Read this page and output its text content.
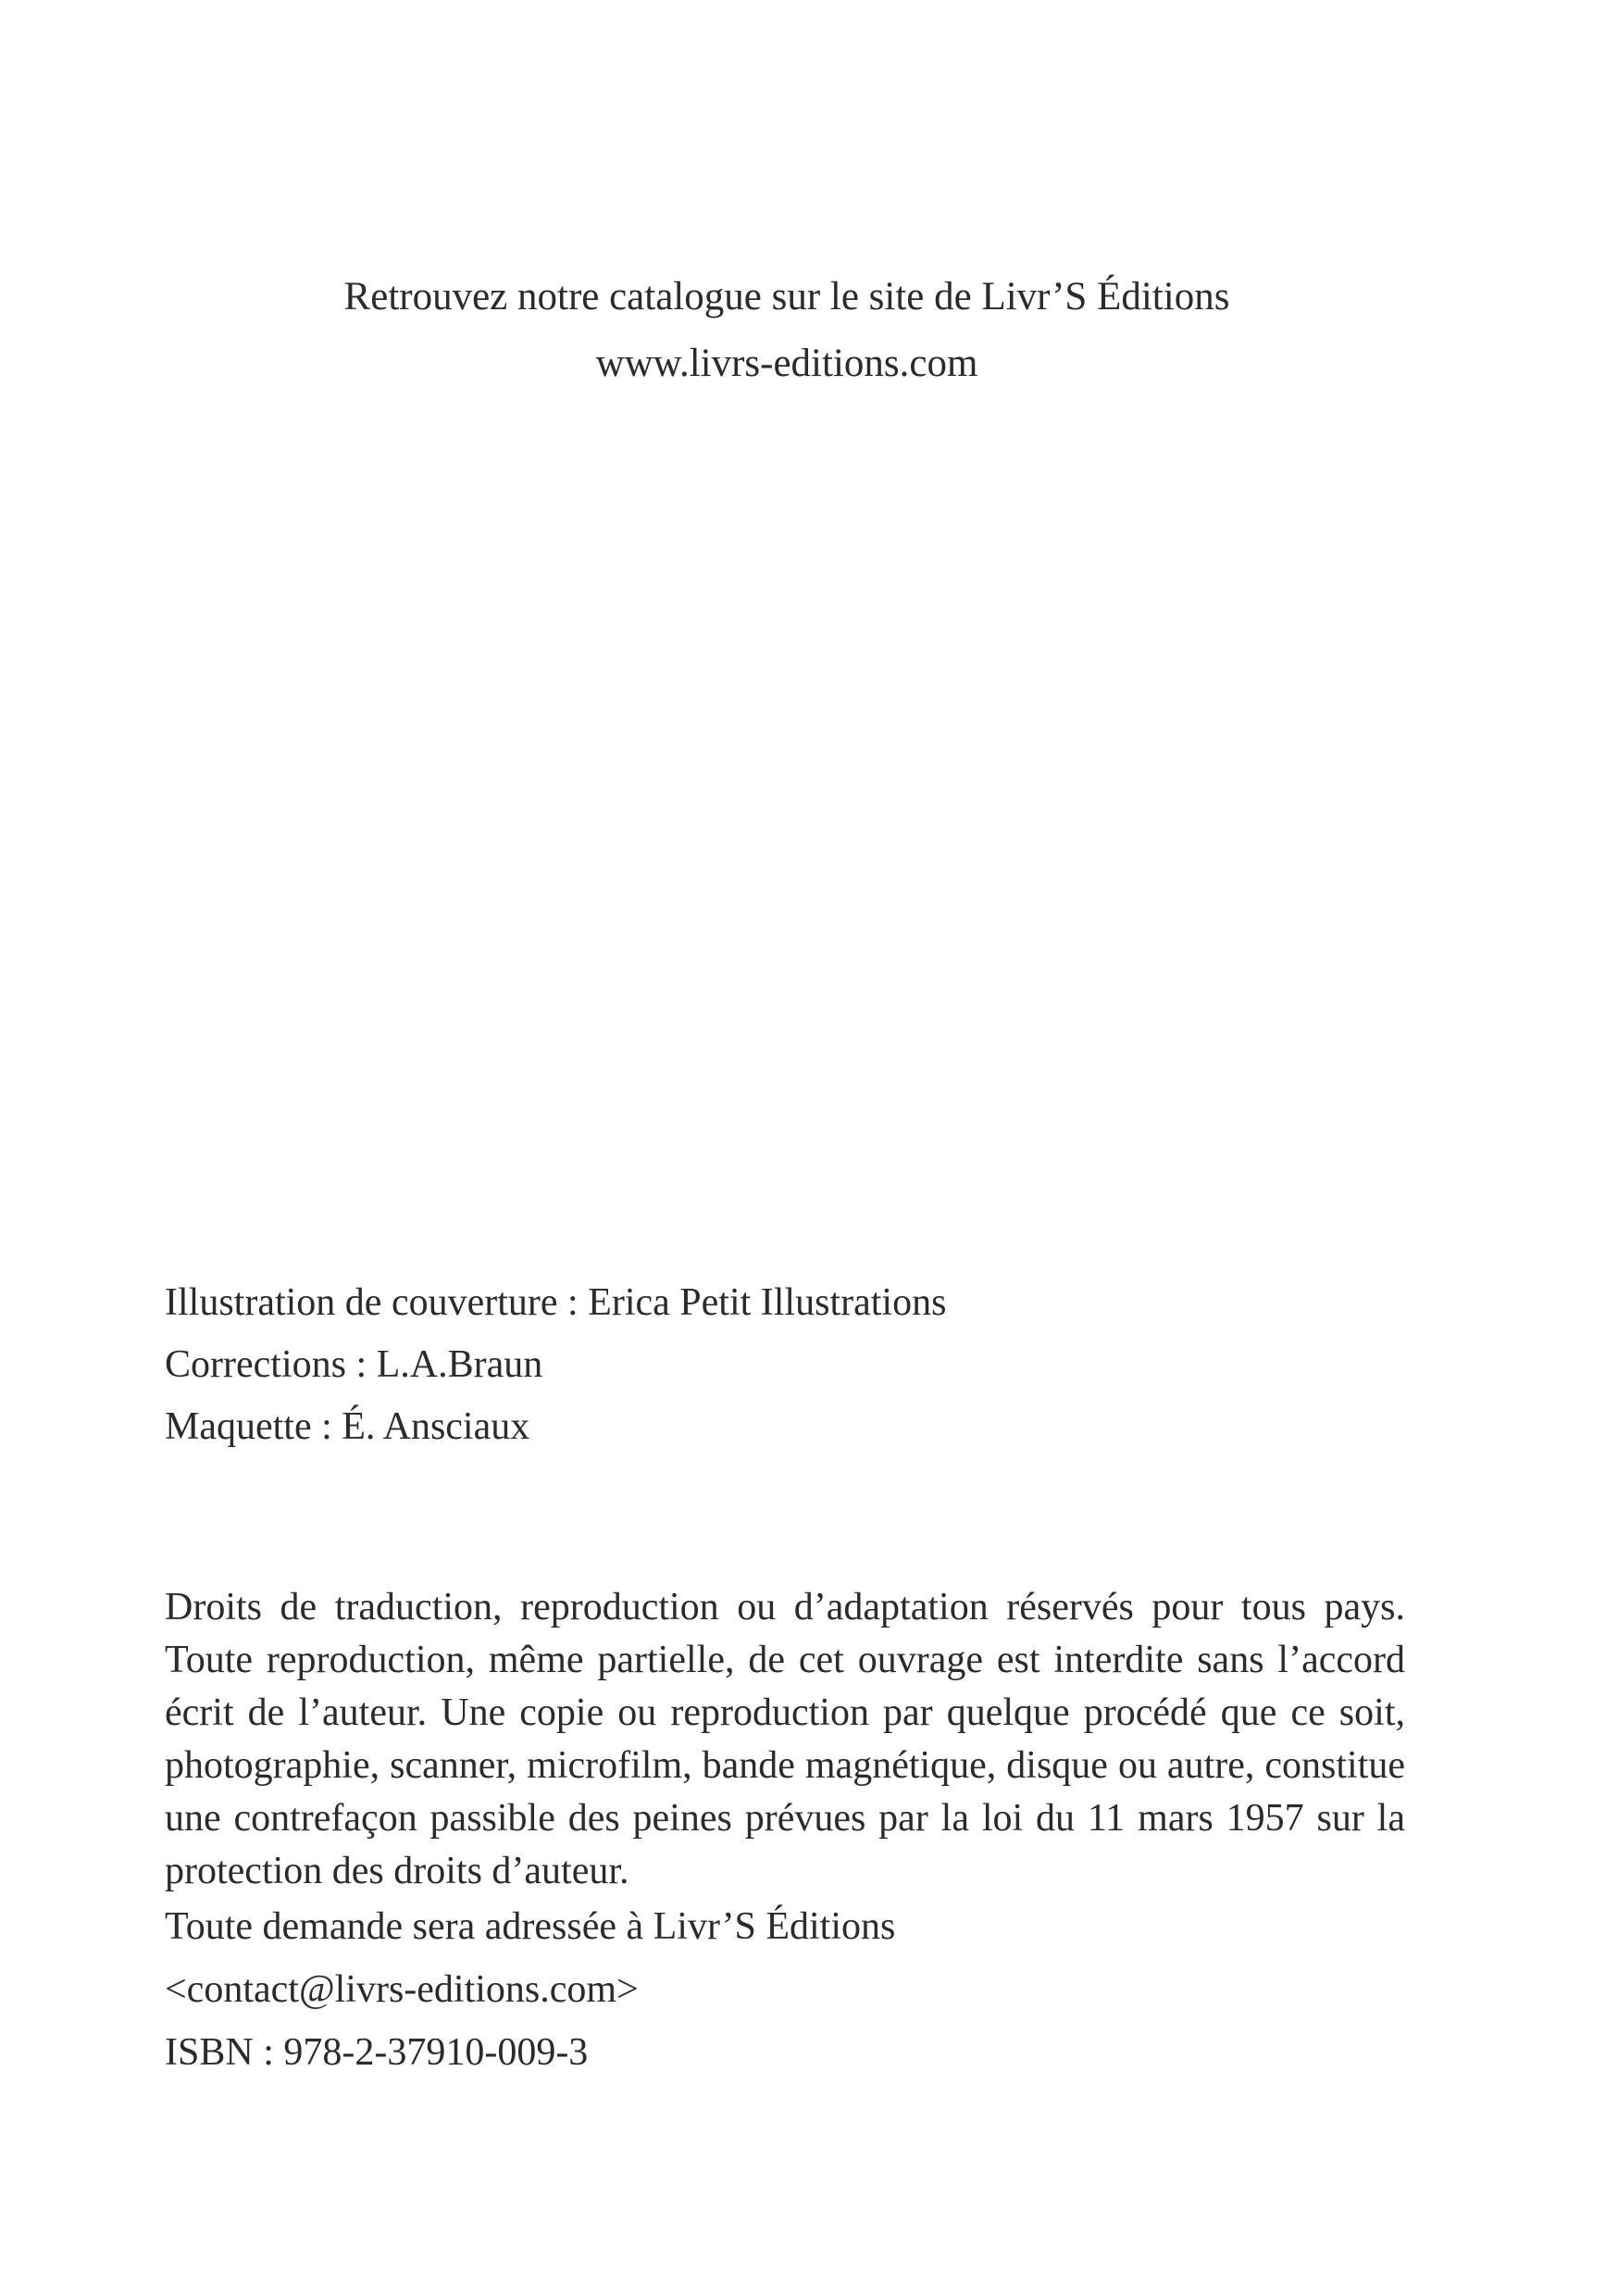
Retrouvez notre catalogue sur le site de Livr’S Éditions
www.livrs-editions.com
Illustration de couverture : Erica Petit Illustrations
Corrections : L.A.Braun
Maquette : É. Ansciaux

Droits de traduction, reproduction ou d’adaptation réservés pour tous pays. Toute reproduction, même partielle, de cet ouvrage est interdite sans l’accord écrit de l’auteur. Une copie ou reproduction par quelque procédé que ce soit, photographie, scanner, microfilm, bande magnétique, disque ou autre, constitue une contrefaçon passible des peines prévues par la loi du 11 mars 1957 sur la protection des droits d’auteur.

Toute demande sera adressée à Livr’S Éditions
<contact@livrs-editions.com>
ISBN : 978-2-37910-009-3
